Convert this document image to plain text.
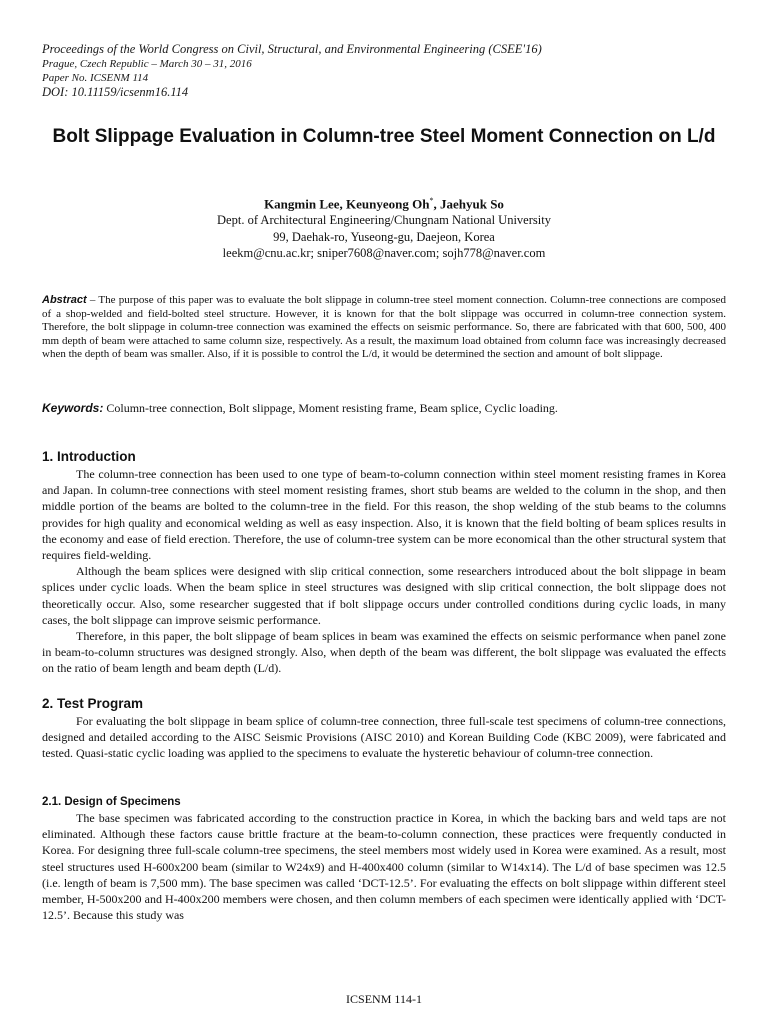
Proceedings of the World Congress on Civil, Structural, and Environmental Engineering (CSEE'16)
Prague, Czech Republic – March 30 – 31, 2016
Paper No. ICSENM 114
DOI: 10.11159/icsenm16.114
Bolt Slippage Evaluation in Column-tree Steel Moment Connection on L/d
Kangmin Lee, Keunyeong Oh*, Jaehyuk So
Dept. of Architectural Engineering/Chungnam National University
99, Daehak-ro, Yuseong-gu, Daejeon, Korea
leekm@cnu.ac.kr; sniper7608@naver.com; sojh778@naver.com
Abstract – The purpose of this paper was to evaluate the bolt slippage in column-tree steel moment connection. Column-tree connections are composed of a shop-welded and field-bolted steel structure. However, it is known for that the bolt slippage was occurred in column-tree connection system. Therefore, the bolt slippage in column-tree connection was examined the effects on seismic performance. So, there are fabricated with that 600, 500, 400 mm depth of beam were attached to same column size, respectively. As a result, the maximum load obtained from column face was increasingly decreased when the depth of beam was smaller. Also, if it is possible to control the L/d, it would be determined the section and amount of bolt slippage.
Keywords: Column-tree connection, Bolt slippage, Moment resisting frame, Beam splice, Cyclic loading.
1. Introduction

The column-tree connection has been used to one type of beam-to-column connection within steel moment resisting frames in Korea and Japan. In column-tree connections with steel moment resisting frames, short stub beams are welded to the column in the shop, and then middle portion of the beams are bolted to the column-tree in the field. For this reason, the shop welding of the stub beams to the columns provides for high quality and economical welding as well as easy inspection. Also, it is known that the field bolting of beam splices results in the economy and ease of field erection. Therefore, the use of column-tree system can be more economical than the other structural system that requires field-welding.

Although the beam splices were designed with slip critical connection, some researchers introduced about the bolt slippage in beam splices under cyclic loads. When the beam splice in steel structures was designed with slip critical connection, the bolt slippage does not theoretically occur. Also, some researcher suggested that if bolt slippage occurs under controlled conditions during cyclic loads, in many cases, the bolt slippage can improve seismic performance.

Therefore, in this paper, the bolt slippage of beam splices in beam was examined the effects on seismic performance when panel zone in beam-to-column structures was designed strongly. Also, when depth of the beam was different, the bolt slippage was evaluated the effects on the ratio of beam length and beam depth (L/d).

2. Test Program

For evaluating the bolt slippage in beam splice of column-tree connection, three full-scale test specimens of column-tree connections, designed and detailed according to the AISC Seismic Provisions (AISC 2010) and Korean Building Code (KBC 2009), were fabricated and tested. Quasi-static cyclic loading was applied to the specimens to evaluate the hysteretic behaviour of column-tree connection.

2.1. Design of Specimens

The base specimen was fabricated according to the construction practice in Korea, in which the backing bars and weld taps are not eliminated. Although these factors cause brittle fracture at the beam-to-column connection, these practices were frequently conducted in Korea. For designing three full-scale column-tree specimens, the steel members most widely used in Korea were examined. As a result, most steel structures used H-600x200 beam (similar to W24x9) and H-400x400 column (similar to W14x14). The L/d of base specimen was 12.5 (i.e. length of beam is 7,500 mm). The base specimen was called ‘DCT-12.5’. For evaluating the effects on bolt slippage within different steel member, H-500x200 and H-400x200 members were chosen, and then column members of each specimen were identically applied with ‘DCT-12.5’. Because this study was

ICSENM 114-1
